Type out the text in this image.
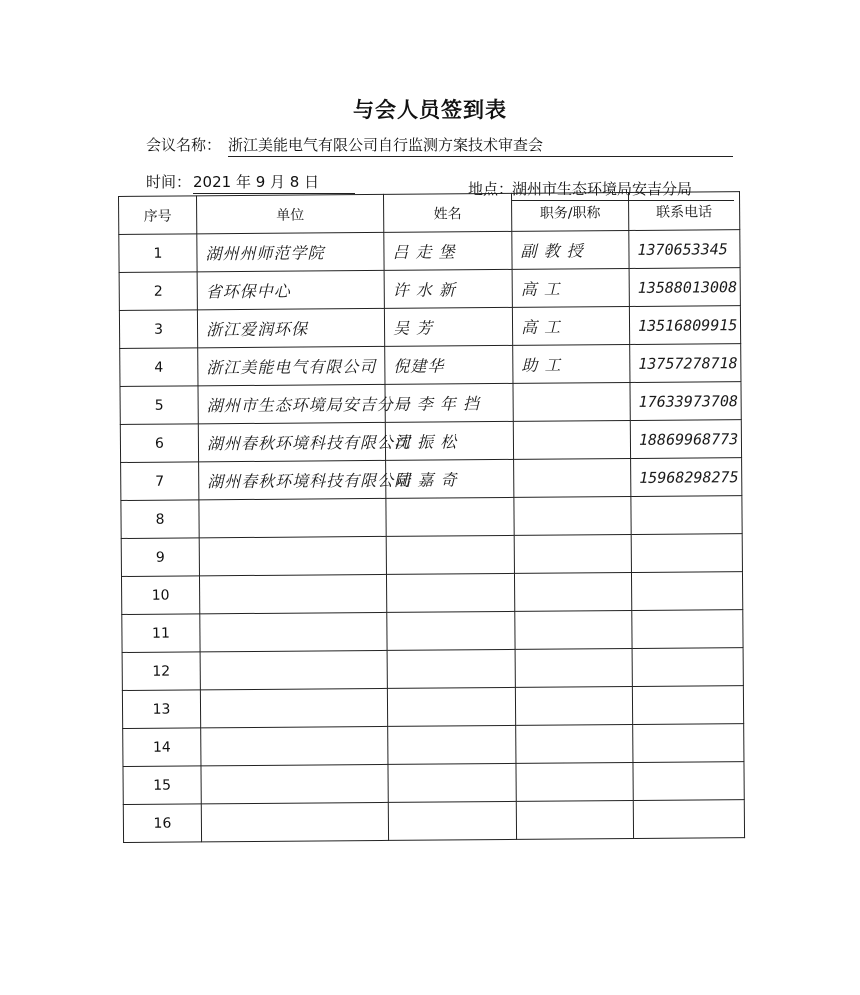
与会人员签到表
会议名称： 浙江美能电气有限公司自行监测方案技术审查会
时间： 2021 年 9 月 8 日	地点：
湖州市生态环境局安吉分局
序号	单位	姓名	职务/职称	联系电话
1	湖州州师范学院	吕 走 堡	副 教 授	1370653345

2	省环保中心	许 水 新	高 工	13588013008

3	浙江爱润环保	吴 芳	高 工	13516809915

4	浙江美能电气有限公司	倪建华	助 工	13757278718

5	湖州市生态环境局安吉分局	一 李 年 挡		17633973708

6	湖州春秋环境科技有限公司	沈 振 松		18869968773

7	湖州春秋环境科技有限公司	陆 嘉 奇		15968298275

8				
9				
10				
11				
12				
13				
14				
15				
16				
